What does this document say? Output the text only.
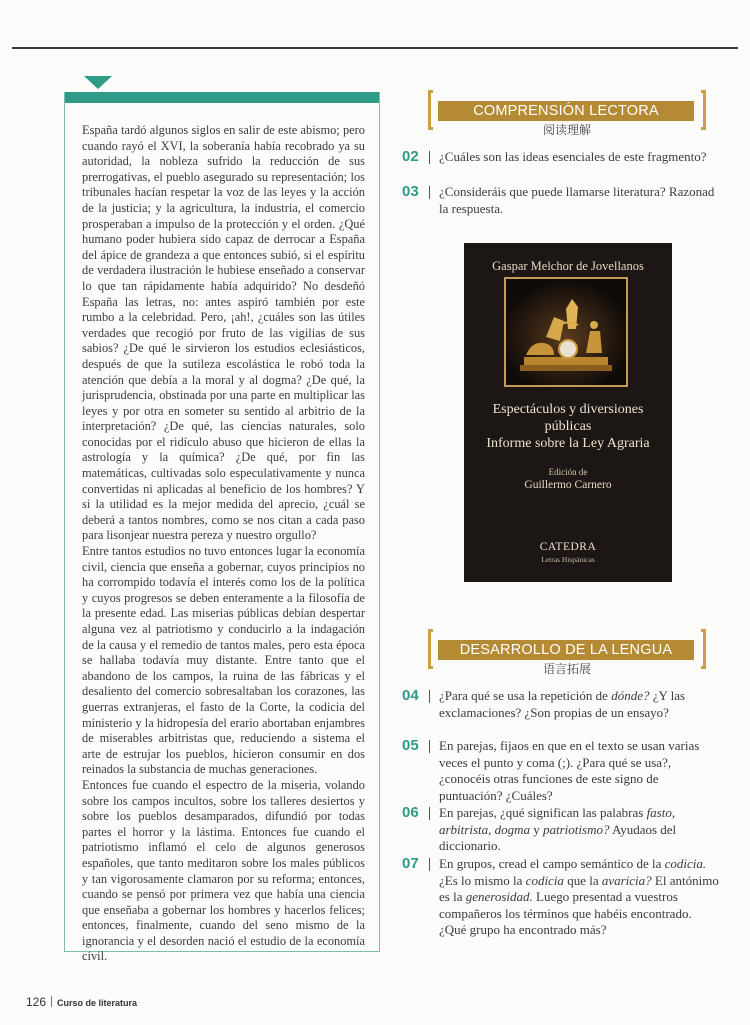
España tardó algunos siglos en salir de este abismo; pero cuando rayó el XVI, la soberanía había recobrado ya su autoridad, la nobleza sufrido la reducción de sus prerrogativas, el pueblo asegurado su representación; los tribunales hacían respetar la voz de las leyes y la acción de la justicia; y la agricultura, la industria, el comercio prosperaban a impulso de la protección y el orden. ¿Qué humano poder hubiera sido capaz de derrocar a España del ápice de grandeza a que entonces subió, si el espíritu de verdadera ilustración le hubiese enseñado a conservar lo que tan rápidamente había adquirido? No desdeñó España las letras, no: antes aspiró también por este rumbo a la celebridad. Pero, ¡ah!, ¿cuáles son las útiles verdades que recogió por fruto de las vigilias de sus sabios? ¿De qué le sirvieron los estudios eclesiásticos, después de que la sutileza escolástica le robó toda la atención que debía a la moral y al dogma? ¿De qué, la jurisprudencia, obstinada por una parte en multiplicar las leyes y por otra en someter su sentido al arbitrio de la interpretación? ¿De qué, las ciencias naturales, solo conocidas por el ridículo abuso que hicieron de ellas la astrología y la química? ¿De qué, por fin las matemáticas, cultivadas solo especulativamente y nunca convertidas ni aplicadas al beneficio de los hombres? Y si la utilidad es la mejor medida del aprecio, ¿cuál se deberá a tantos nombres, como se nos citan a cada paso para lisonjear nuestra pereza y nuestro orgullo?

Entre tantos estudios no tuvo entonces lugar la economía civil, ciencia que enseña a gobernar, cuyos principios no ha corrompido todavía el interés como los de la política y cuyos progresos se deben enteramente a la filosofía de la presente edad. Las miserias públicas debían despertar alguna vez al patriotismo y conducirlo a la indagación de la causa y el remedio de tantos males, pero esta época se hallaba todavía muy distante. Entre tanto que el abandono de los campos, la ruina de las fábricas y el desaliento del comercio sobresaltaban los corazones, las guerras extranjeras, el fasto de la Corte, la codicia del ministerio y la hidropesía del erario abortaban enjambres de miserables arbitristas que, reduciendo a sistema el arte de estrujar los pueblos, hicieron consumir en dos reinados la substancia de muchas generaciones.

Entonces fue cuando el espectro de la miseria, volando sobre los campos incultos, sobre los talleres desiertos y sobre los pueblos desamparados, difundió por todas partes el horror y la lástima. Entonces fue cuando el patriotismo inflamó el celo de algunos generosos españoles, que tanto meditaron sobre los males públicos y tan vigorosamente clamaron por su reforma; entonces, cuando se pensó por primera vez que había una ciencia que enseñaba a gobernar los hombres y hacerlos felices; entonces, finalmente, cuando del seno mismo de la ignorancia y el desorden nació el estudio de la economía civil.

COMPRENSIÓN LECTORA
阅读理解
02 ¿Cuáles son las ideas esenciales de este fragmento?
03 ¿Consideráis que puede llamarse literatura? Razonad la respuesta.
Gaspar Melchor de Jovellanos
Espectáculos y diversiones
públicas
Informe sobre la Ley Agraria
Edición de
Guillermo Carnero
CATEDRA
Letras Hispánicas
DESARROLLO DE LA LENGUA
语言拓展
04 ¿Para qué se usa la repetición de dónde? ¿Y las exclamaciones? ¿Son propias de un ensayo?
05 En parejas, fijaos en que en el texto se usan varias veces el punto y coma (;). ¿Para qué se usa?, ¿conocéis otras funciones de este signo de puntuación? ¿Cuáles?
06 En parejas, ¿qué significan las palabras fasto, arbitrista, dogma y patriotismo? Ayudaos del diccionario.
07 En grupos, cread el campo semántico de la codicia. ¿Es lo mismo la codicia que la avaricia? El antónimo es la generosidad. Luego presentad a vuestros compañeros los términos que habéis encontrado. ¿Qué grupo ha encontrado más?
126 Curso de literatura
